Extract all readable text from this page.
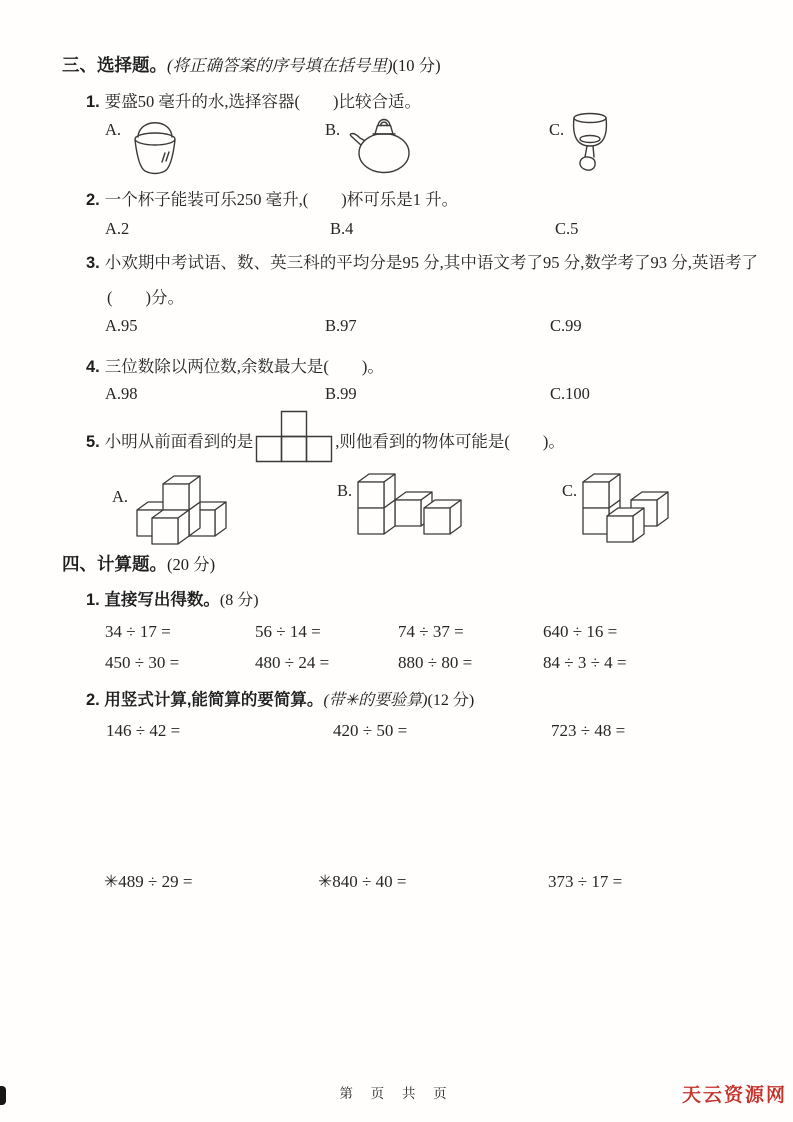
三、选择题。(将正确答案的序号填在括号里)(10 分)
1. 要盛50 毫升的水,选择容器(　　)比较合适。
A.	B.	C.
2. 一个杯子能装可乐250 毫升,(　　)杯可乐是1 升。
A.2	B.4	C.5
3. 小欢期中考试语、数、英三科的平均分是95 分,其中语文考了95 分,数学考了93 分,英语考了(　　)分。
A.95	B.97	C.99
4. 三位数除以两位数,余数最大是(　　)。
A.98	B.99	C.100
5. 小明从前面看到的是	,则他看到的物体可能是(　　)。
A.	B.	C.
四、计算题。(20 分)
1. 直接写出得数。(8 分)
34 ÷ 17 =	56 ÷ 14 =	74 ÷ 37 =	640 ÷ 16 =
450 ÷ 30 =	480 ÷ 24 =	880 ÷ 80 =	84 ÷ 3 ÷ 4 =
2. 用竖式计算,能简算的要简算。(带✳的要验算)(12 分)
146 ÷ 42 =	420 ÷ 50 =	723 ÷ 48 =
✳489 ÷ 29 =	✳840 ÷ 40 =	373 ÷ 17 =
第 页 共 页	天云资源网
